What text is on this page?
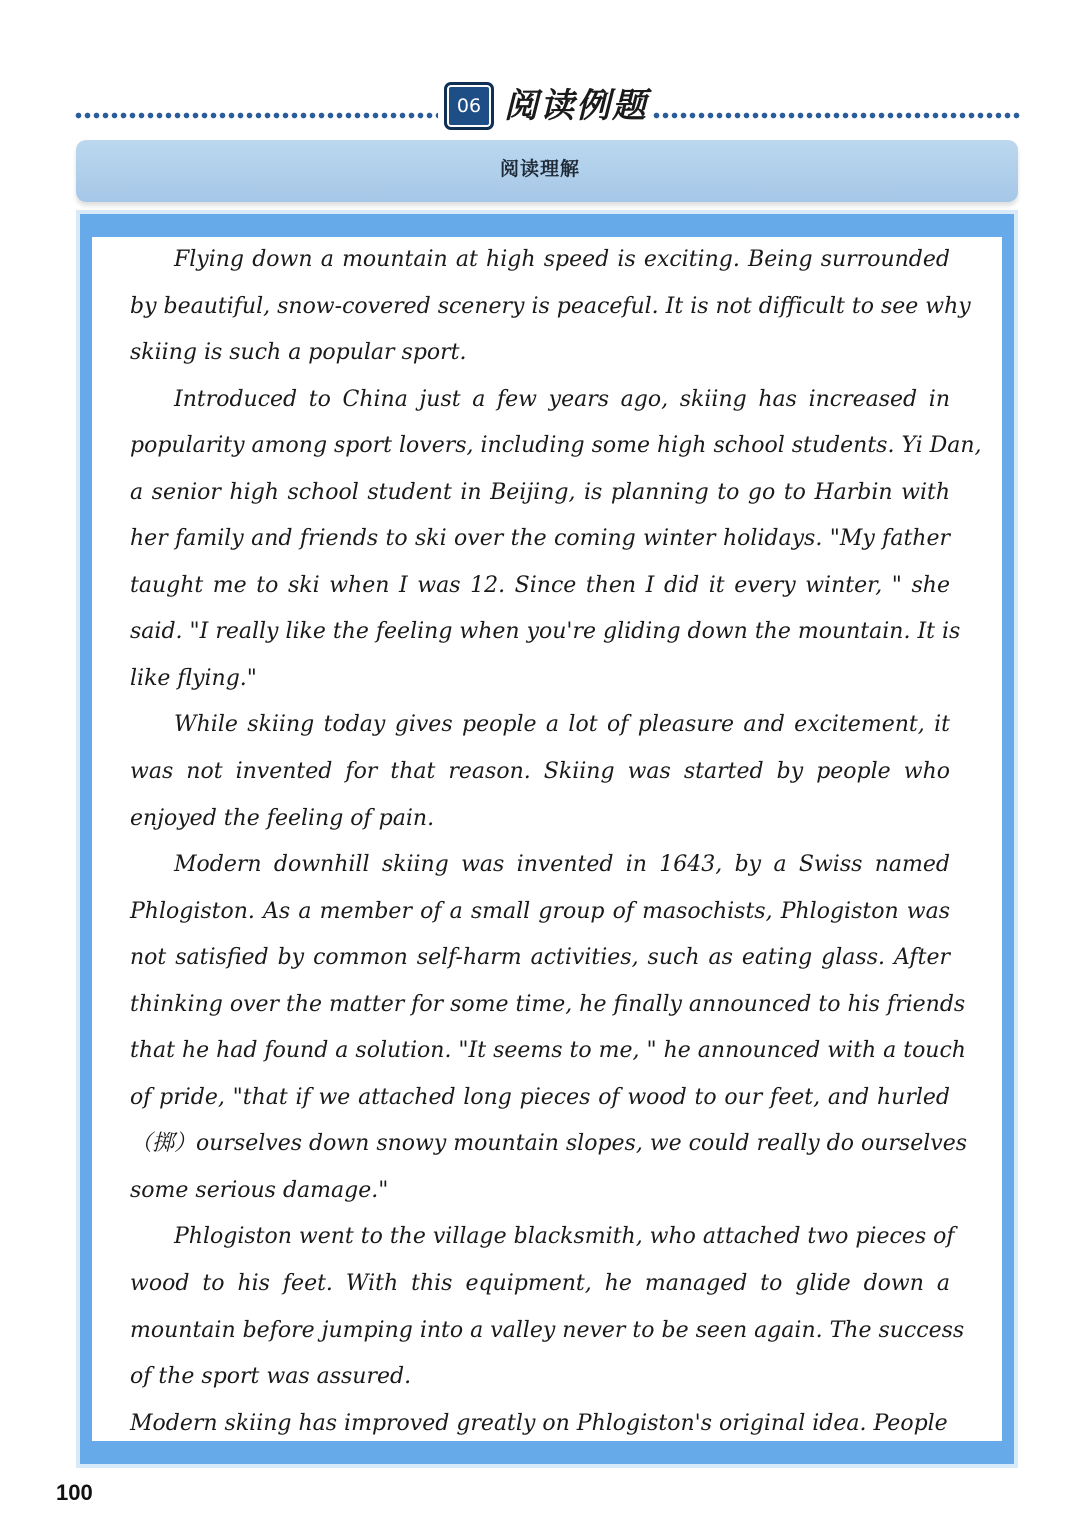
06 阅读例题
阅读理解
Flying down a mountain at high speed is exciting. Being surrounded
by beautiful, snow-covered scenery is peaceful. It is not difficult to see why
skiing is such a popular sport.
Introduced to China just a few years ago, skiing has increased in
popularity among sport lovers, including some high school students. Yi Dan,
a senior high school student in Beijing, is planning to go to Harbin with
her family and friends to ski over the coming winter holidays. "My father
taught me to ski when I was 12. Since then I did it every winter, " she
said. "I really like the feeling when you're gliding down the mountain. It is
like flying."
While skiing today gives people a lot of pleasure and excitement, it
was not invented for that reason. Skiing was started by people who
enjoyed the feeling of pain.
Modern downhill skiing was invented in 1643, by a Swiss named
Phlogiston. As a member of a small group of masochists, Phlogiston was
not satisfied by common self-harm activities, such as eating glass. After
thinking over the matter for some time, he finally announced to his friends
that he had found a solution. "It seems to me, " he announced with a touch
of pride, "that if we attached long pieces of wood to our feet, and hurled
（掷）ourselves down snowy mountain slopes, we could really do ourselves
some serious damage."
Phlogiston went to the village blacksmith, who attached two pieces of
wood to his feet. With this equipment, he managed to glide down a
mountain before jumping into a valley never to be seen again. The success
of the sport was assured.
Modern skiing has improved greatly on Phlogiston's original idea. People
100
